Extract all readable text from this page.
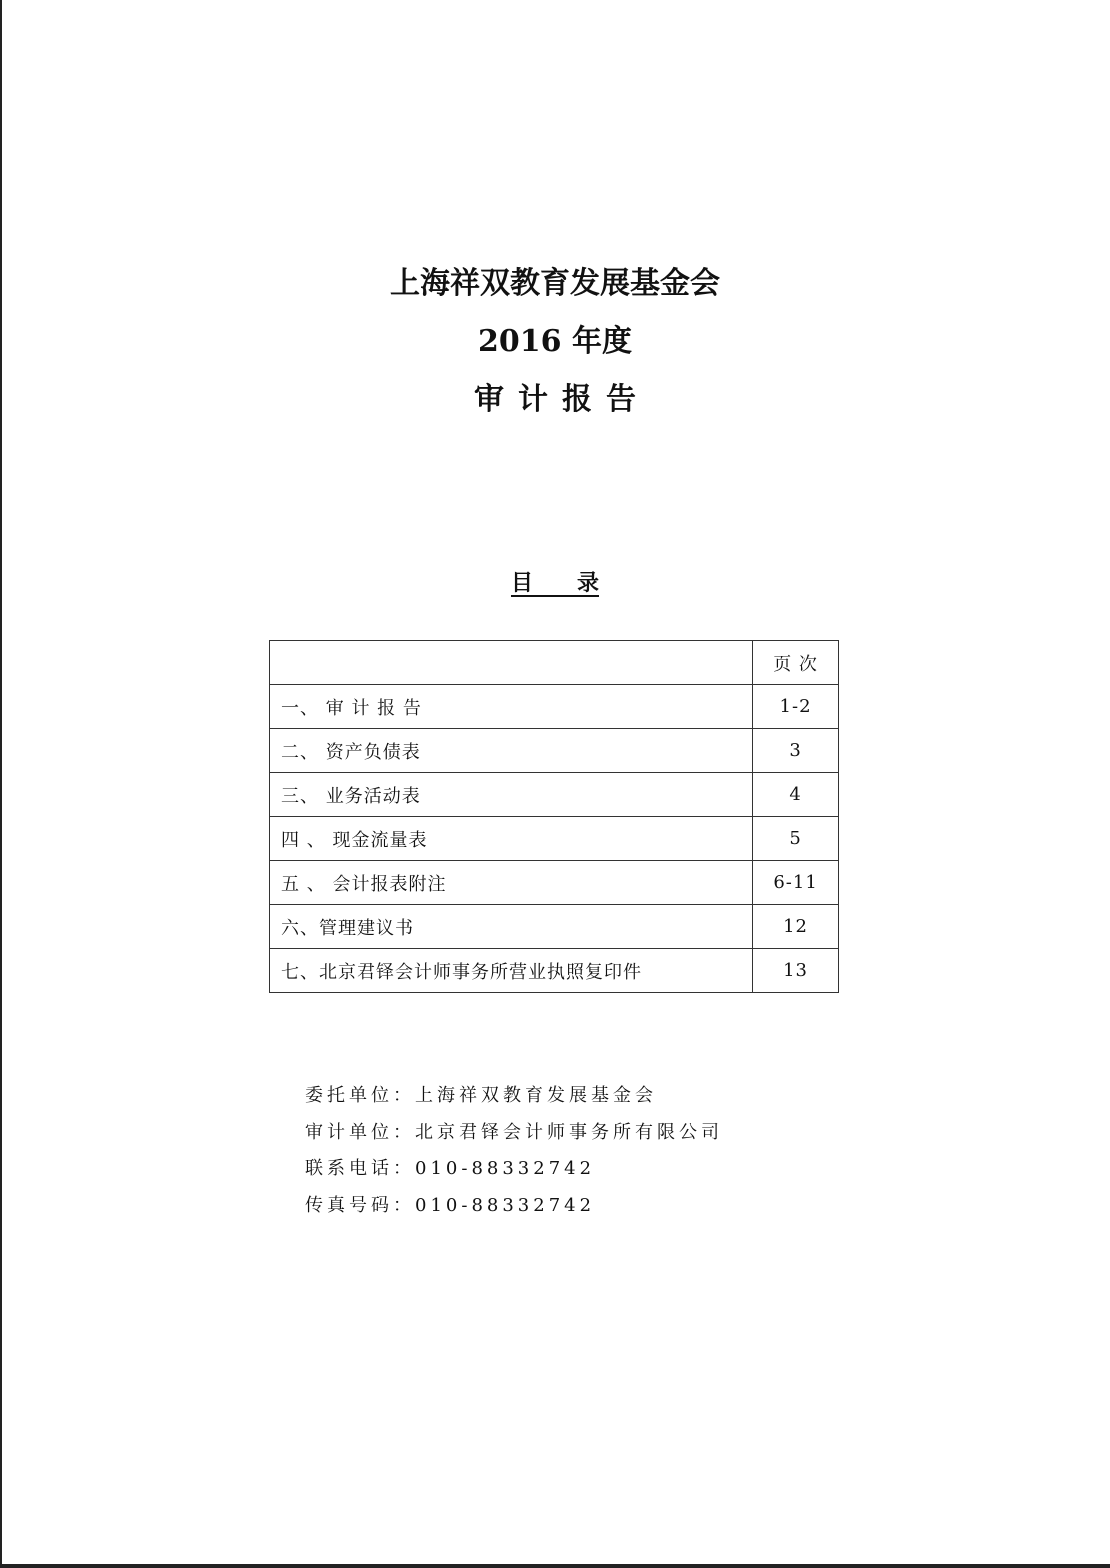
上海祥双教育发展基金会
2016 年度
审计报告
目　　录
	页 次
一、 审 计 报 告	1-2
二、 资产负债表	3
三、 业务活动表	4
四 、 现金流量表	5
五 、 会计报表附注	6-11
六、管理建议书	12
七、北京君铎会计师事务所营业执照复印件	13
委托单位：上海祥双教育发展基金会
审计单位：北京君铎会计师事务所有限公司
联系电话：010-88332742
传真号码：010-88332742
